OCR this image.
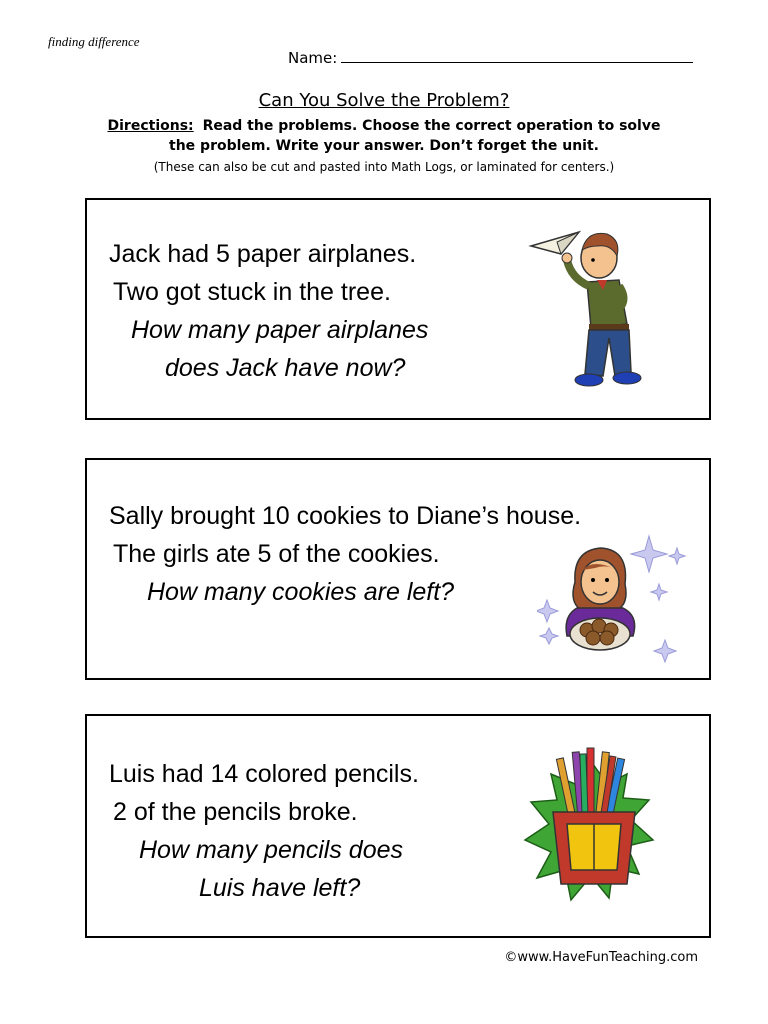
finding difference
Name:
Can You Solve the Problem?
Directions: Read the problems. Choose the correct operation to solve
the problem. Write your answer. Don’t forget the unit.
(These can also be cut and pasted into Math Logs, or laminated for centers.)
Jack had 5 paper airplanes.
Two got stuck in the tree.
How many paper airplanes
does Jack have now?
Sally brought 10 cookies to Diane’s house.
The girls ate 5 of the cookies.
How many cookies are left?
Luis had 14 colored pencils.
2 of the pencils broke.
How many pencils does
Luis have left?
©www.HaveFunTeaching.com
